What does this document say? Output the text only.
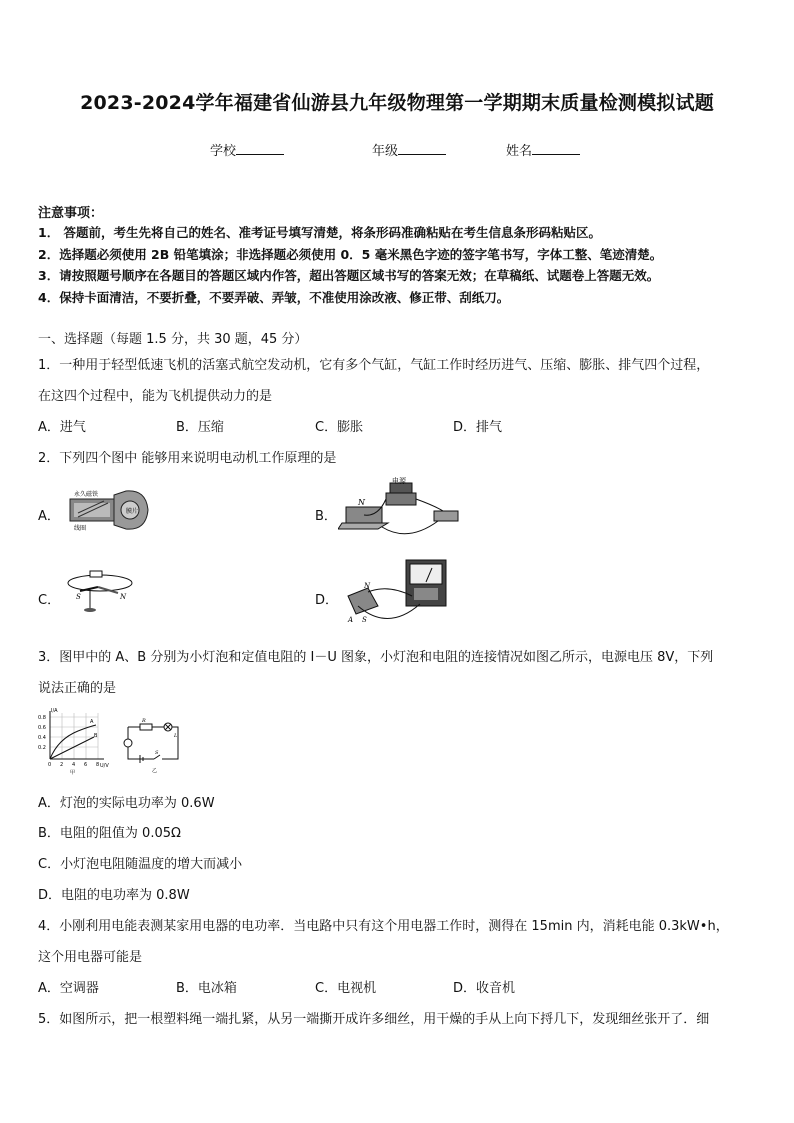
2023-2024学年福建省仙游县九年级物理第一学期期末质量检测模拟试题
学校	年级	姓名
注意事项：
1． 答题前，考生先将自己的姓名、准考证号填写清楚，将条形码准确粘贴在考生信息条形码粘贴区。
2．选择题必须使用 2B 铅笔填涂；非选择题必须使用 0．5 毫米黑色字迹的签字笔书写，字体工整、笔迹清楚。
3．请按照题号顺序在各题目的答题区域内作答，超出答题区域书写的答案无效；在草稿纸、试题卷上答题无效。
4．保持卡面清洁，不要折叠，不要弄破、弄皱，不准使用涂改液、修正带、刮纸刀。
一、选择题（每题 1.5 分，共 30 题，45 分）
1．一种用于轻型低速飞机的活塞式航空发动机，它有多个气缸，气缸工作时经历进气、压缩、膨胀、排气四个过程，
在这四个过程中，能为飞机提供动力的是
A．进气	B．压缩	C．膨胀	D．排气
2．下列四个图中 能够用来说明电动机工作原理的是
A．	B．
C．	D．
永久磁铁
线圈
膜片
电源
N
S	N
N
S
A
3．图甲中的 A、B 分别为小灯泡和定值电阻的 I－U 图象，小灯泡和电阻的连接情况如图乙所示，电源电压 8V，下列
说法正确的是
I/A
U/V
0.8
0.6
0.4
0.2
0 2 4 6 8
A
B
甲
R
L
S
乙
A．灯泡的实际电功率为 0.6W
B．电阻的阻值为 0.05Ω
C．小灯泡电阻随温度的增大而减小
D．电阻的电功率为 0.8W
4．小刚利用电能表测某家用电器的电功率．当电路中只有这个用电器工作时，测得在 15min 内，消耗电能 0.3kW•h，
这个用电器可能是
A．空调器	B．电冰箱	C．电视机	D．收音机
5．如图所示，把一根塑料绳一端扎紧，从另一端撕开成许多细丝，用干燥的手从上向下捋几下，发现细丝张开了．细
